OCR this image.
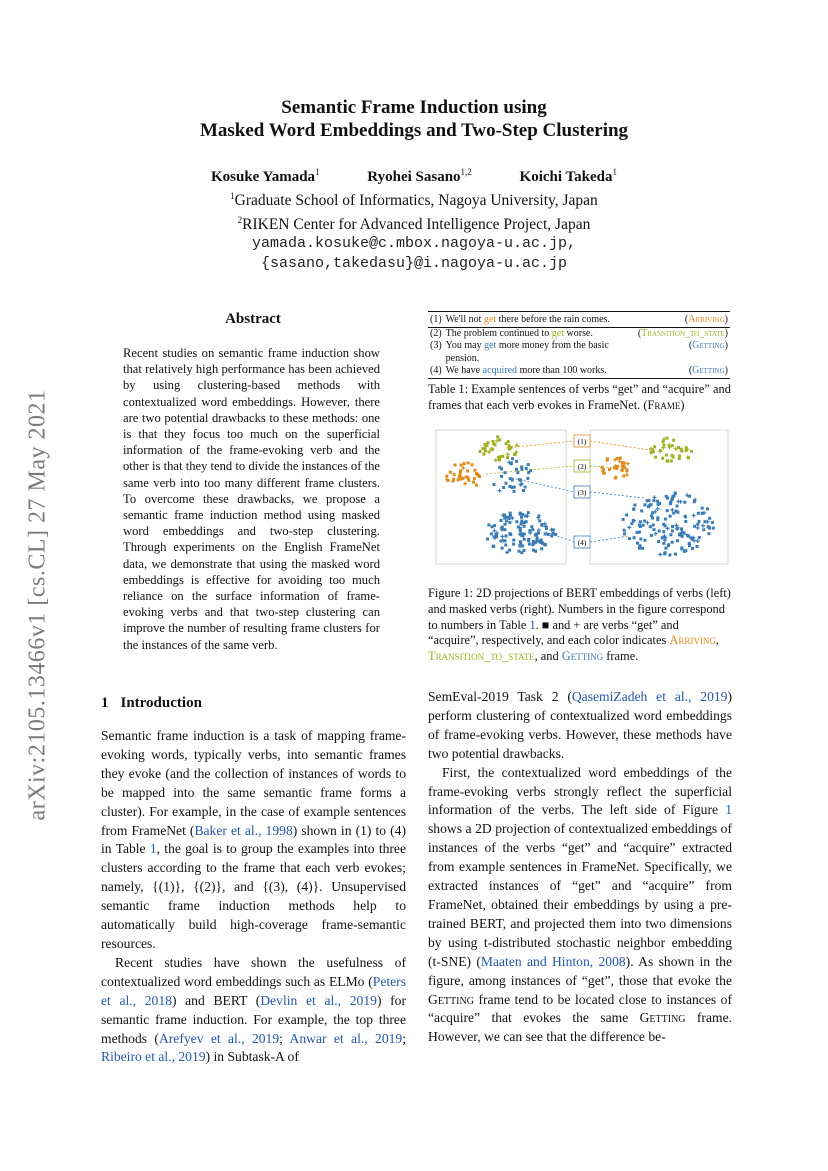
arXiv:2105.13466v1 [cs.CL] 27 May 2021
Semantic Frame Induction using
Masked Word Embeddings and Two-Step Clustering
Kosuke Yamada$^1$	Ryohei Sasano$^{1,2}$	Koichi Takeda$^1$
$^1$Graduate School of Informatics, Nagoya University, Japan
$^2$RIKEN Center for Advanced Intelligence Project, Japan
yamada.kosuke@c.mbox.nagoya-u.ac.jp,
{sasano,takedasu}@i.nagoya-u.ac.jp
Abstract

Recent studies on semantic frame induction show that relatively high performance has been achieved by using clustering-based methods with contextualized word embeddings. However, there are two potential drawbacks to these methods: one is that they focus too much on the superficial information of the frame-evoking verb and the other is that they tend to divide the instances of the same verb into too many different frame clusters. To overcome these drawbacks, we propose a semantic frame induction method using masked word embeddings and two-step clustering. Through experiments on the English FrameNet data, we demonstrate that using the masked word embeddings is effective for avoiding too much reliance on the surface information of frame-evoking verbs and that two-step clustering can improve the number of resulting frame clusters for the instances of the same verb.

1 Introduction

Semantic frame induction is a task of mapping frame-evoking words, typically verbs, into semantic frames they evoke (and the collection of instances of words to be mapped into the same semantic frame forms a cluster). For example, in the case of example sentences from FrameNet (Baker et al., 1998) shown in (1) to (4) in Table 1, the goal is to group the examples into three clusters according to the frame that each verb evokes; namely, {(1)}, {(2)}, and {(3), (4)}. Unsupervised semantic frame induction methods help to automatically build high-coverage frame-semantic resources.

Recent studies have shown the usefulness of contextualized word embeddings such as ELMo (Peters et al., 2018) and BERT (Devlin et al., 2019) for semantic frame induction. For example, the top three methods (Arefyev et al., 2019; Anwar et al., 2019; Ribeiro et al., 2019) in Subtask-A of

(1)	We'll not get there before the rain comes.	(Arriving)
(2)	The problem continued to get worse.	(Transition_to_state)
(3)	You may get more money from the basic pension.	(Getting)
(4)	We have acquired more than 100 works.	(Getting)
Table 1: Example sentences of verbs “get” and “acquire” and frames that each verb evokes in FrameNet. (Frame)
(1)
(2)
(3)
(4)
Figure 1: 2D projections of BERT embeddings of verbs (left) and masked verbs (right). Numbers in the figure correspond to numbers in Table 1. ■ and + are verbs “get” and “acquire”, respectively, and each color indicates Arriving, Transition_to_state, and Getting frame.

SemEval-2019 Task 2 (QasemiZadeh et al., 2019) perform clustering of contextualized word embeddings of frame-evoking verbs. However, these methods have two potential drawbacks.

First, the contextualized word embeddings of the frame-evoking verbs strongly reflect the superficial information of the verbs. The left side of Figure 1 shows a 2D projection of contextualized embeddings of instances of the verbs “get” and “acquire” extracted from example sentences in FrameNet. Specifically, we extracted instances of “get” and “acquire” from FrameNet, obtained their embeddings by using a pre-trained BERT, and projected them into two dimensions by using t-distributed stochastic neighbor embedding (t-SNE) (Maaten and Hinton, 2008). As shown in the figure, among instances of “get”, those that evoke the Getting frame tend to be located close to instances of “acquire” that evokes the same Getting frame. However, we can see that the difference be-
